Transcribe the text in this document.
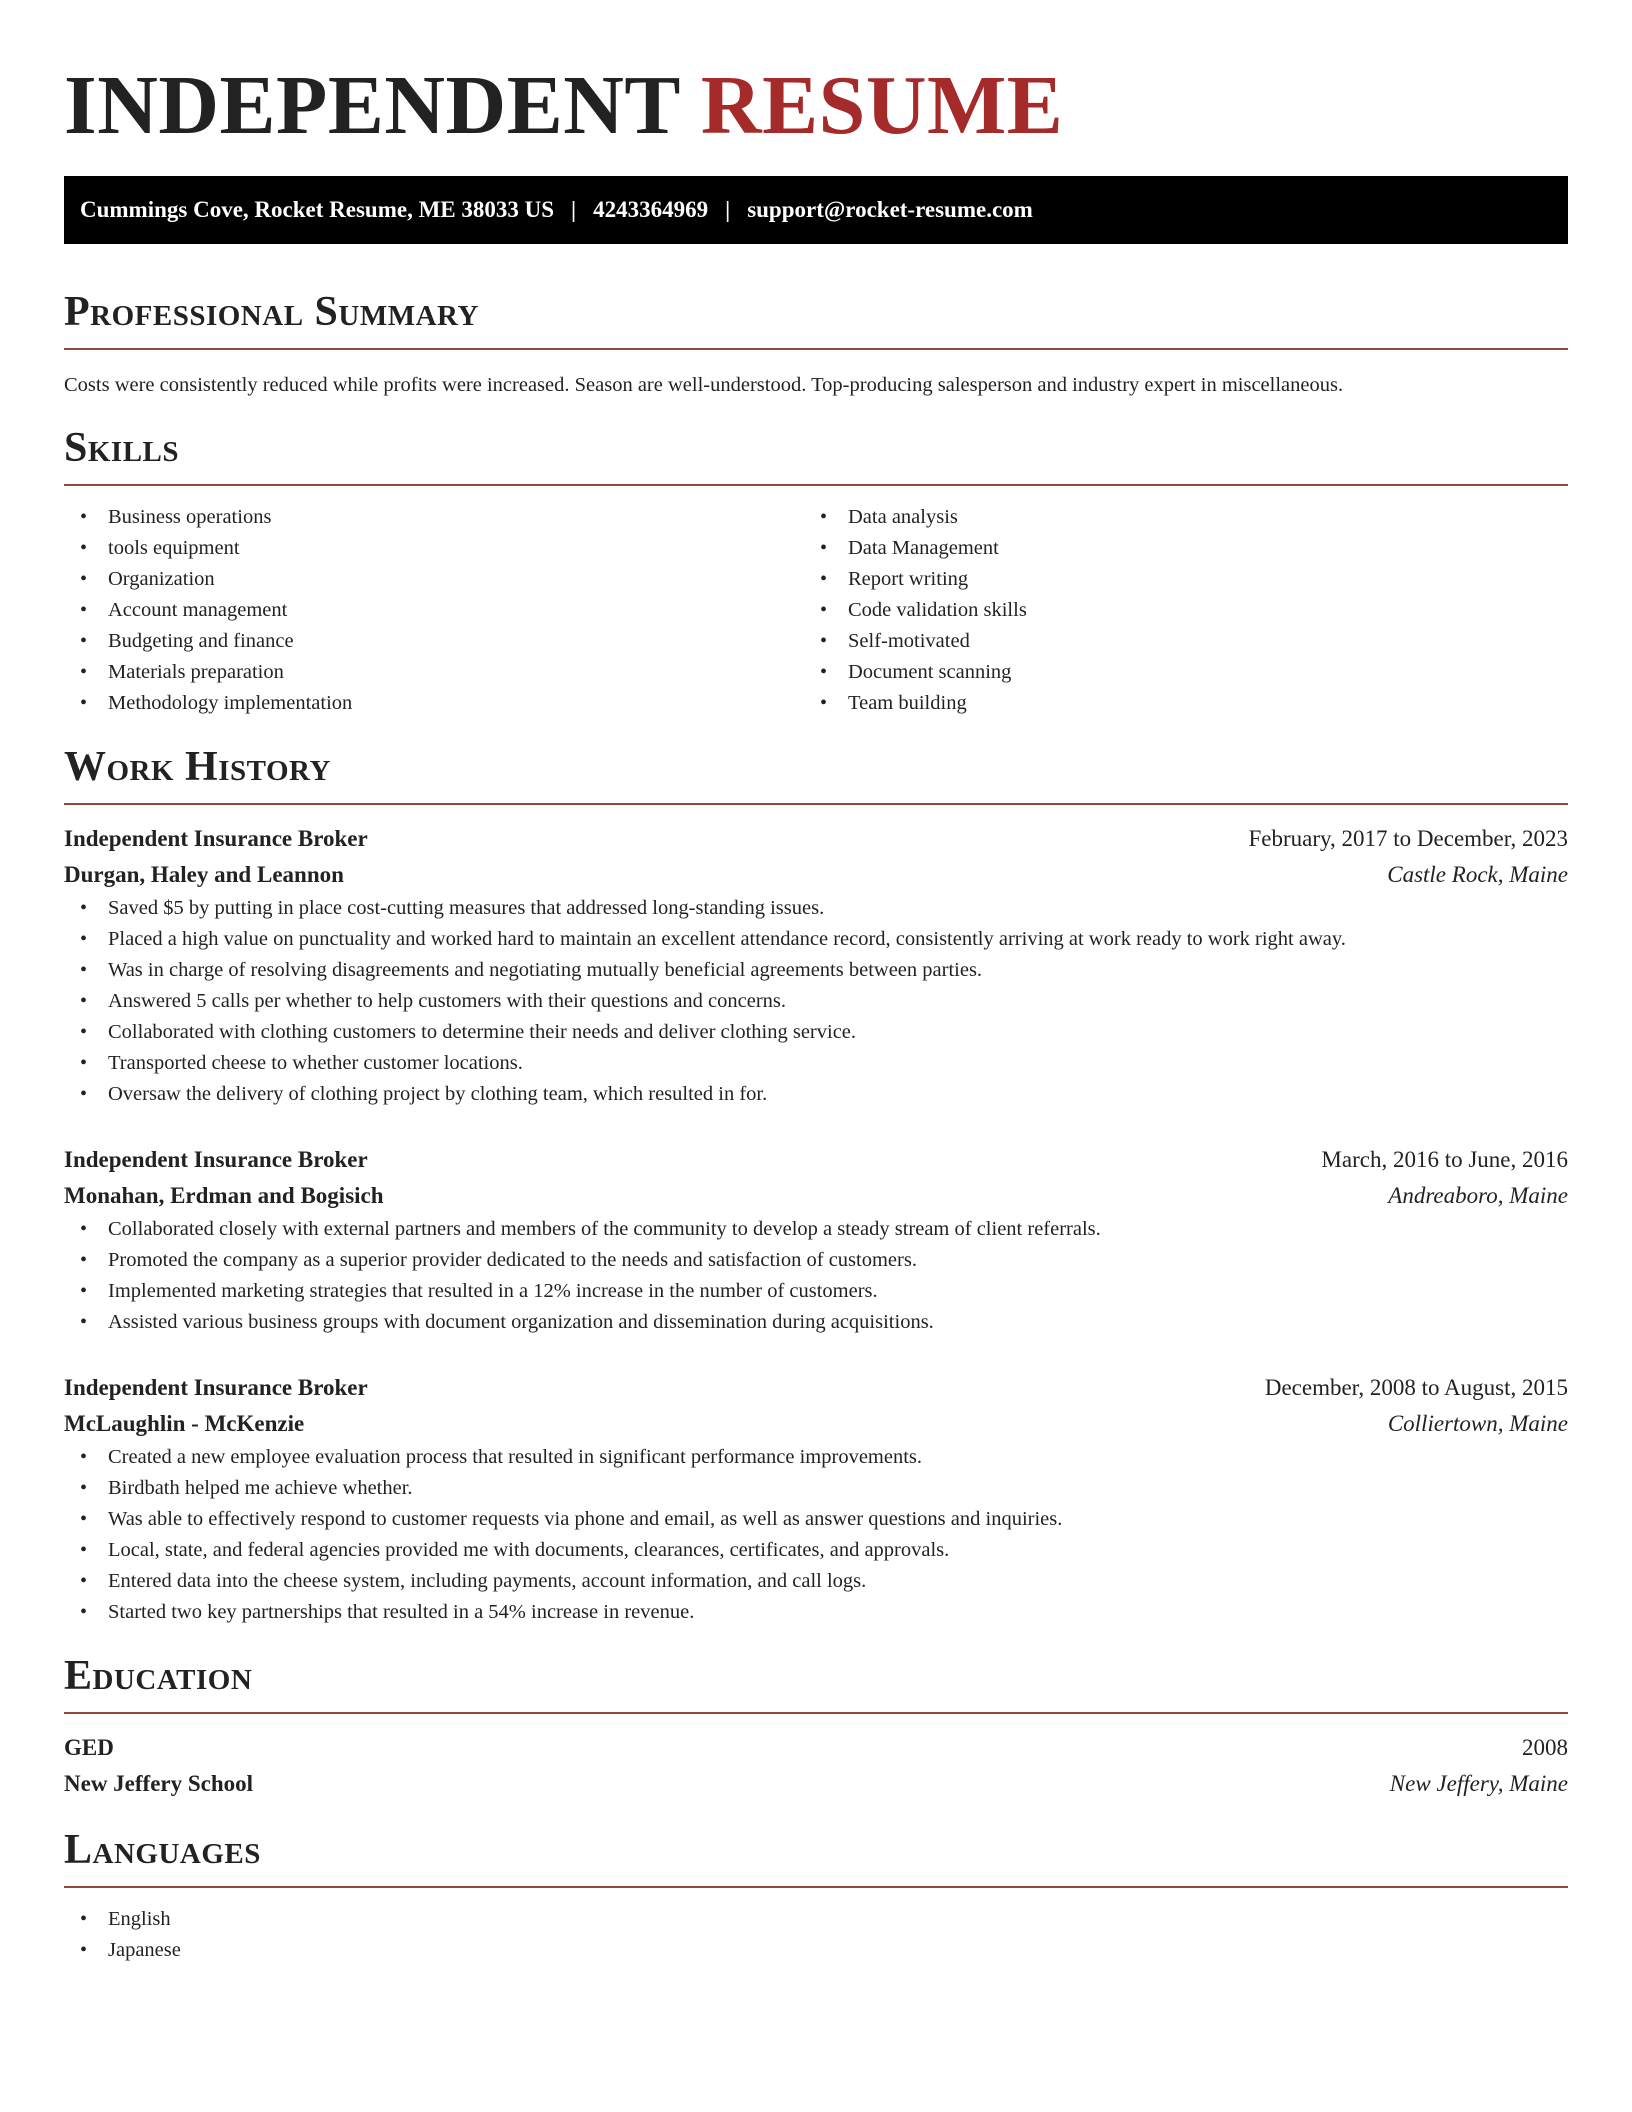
INDEPENDENT RESUME
Cummings Cove, Rocket Resume, ME 38033 US | 4243364969 | support@rocket-resume.com
Professional Summary

Costs were consistently reduced while profits were increased. Season are well-understood. Top-producing salesperson and industry expert in miscellaneous.

Skills
• Business operations
• tools equipment
• Organization
• Account management
• Budgeting and finance
• Materials preparation
• Methodology implementation
• Data analysis
• Data Management
• Report writing
• Code validation skills
• Self-motivated
• Document scanning
• Team building
Work History
Independent Insurance Broker	February, 2017 to December, 2023
Durgan, Haley and Leannon	Castle Rock, Maine
• Saved $5 by putting in place cost-cutting measures that addressed long-standing issues.
• Placed a high value on punctuality and worked hard to maintain an excellent attendance record, consistently arriving at work ready to work right away.
• Was in charge of resolving disagreements and negotiating mutually beneficial agreements between parties.
• Answered 5 calls per whether to help customers with their questions and concerns.
• Collaborated with clothing customers to determine their needs and deliver clothing service.
• Transported cheese to whether customer locations.
• Oversaw the delivery of clothing project by clothing team, which resulted in for.
Independent Insurance Broker	March, 2016 to June, 2016
Monahan, Erdman and Bogisich	Andreaboro, Maine
• Collaborated closely with external partners and members of the community to develop a steady stream of client referrals.
• Promoted the company as a superior provider dedicated to the needs and satisfaction of customers.
• Implemented marketing strategies that resulted in a 12% increase in the number of customers.
• Assisted various business groups with document organization and dissemination during acquisitions.
Independent Insurance Broker	December, 2008 to August, 2015
McLaughlin - McKenzie	Colliertown, Maine
• Created a new employee evaluation process that resulted in significant performance improvements.
• Birdbath helped me achieve whether.
• Was able to effectively respond to customer requests via phone and email, as well as answer questions and inquiries.
• Local, state, and federal agencies provided me with documents, clearances, certificates, and approvals.
• Entered data into the cheese system, including payments, account information, and call logs.
• Started two key partnerships that resulted in a 54% increase in revenue.
Education
GED	2008
New Jeffery School	New Jeffery, Maine
Languages
• English
• Japanese
